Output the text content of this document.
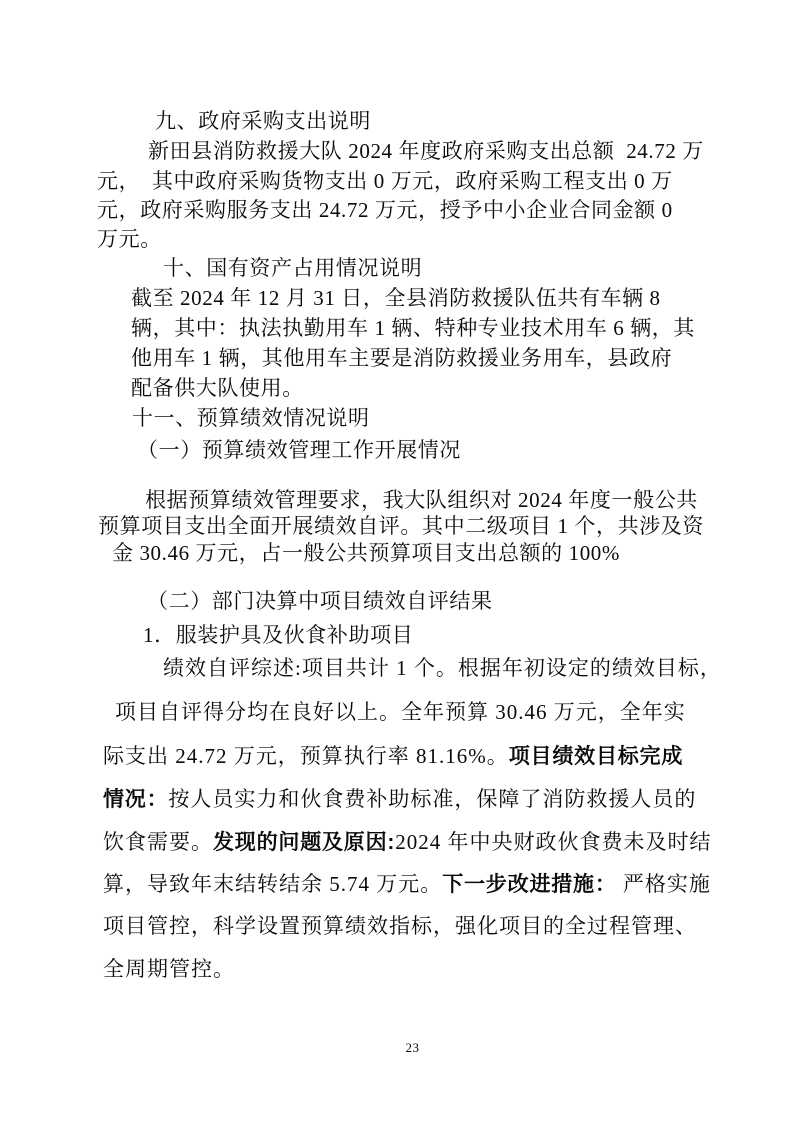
九、政府采购支出说明
新田县消防救援大队 2024 年度政府采购支出总额  24.72 万
元，  其中政府采购货物支出 0 万元，政府采购工程支出 0 万
元，政府采购服务支出 24.72 万元，授予中小企业合同金额 0
万元。
十、国有资产占用情况说明
截至 2024 年 12 月 31 日，全县消防救援队伍共有车辆 8
辆，其中：执法执勤用车 1 辆、特种专业技术用车 6 辆，其
他用车 1 辆，其他用车主要是消防救援业务用车，县政府
配备供大队使用。
十一、预算绩效情况说明
（一）预算绩效管理工作开展情况
根据预算绩效管理要求，我大队组织对 2024 年度一般公共
预算项目支出全面开展绩效自评。其中二级项目 1 个，共涉及资
金 30.46 万元，占一般公共预算项目支出总额的 100%
（二）部门决算中项目绩效自评结果
1．服装护具及伙食补助项目
绩效自评综述:项目共计 1 个。根据年初设定的绩效目标，
项目自评得分均在良好以上。全年预算 30.46 万元，全年实
际支出 24.72 万元，预算执行率 81.16%。项目绩效目标完成
情况：按人员实力和伙食费补助标准，保障了消防救援人员的
饮食需要。发现的问题及原因:2024 年中央财政伙食费未及时结
算，导致年末结转结余 5.74 万元。下一步改进措施： 严格实施
项目管控，科学设置预算绩效指标，强化项目的全过程管理、
全周期管控。
23
